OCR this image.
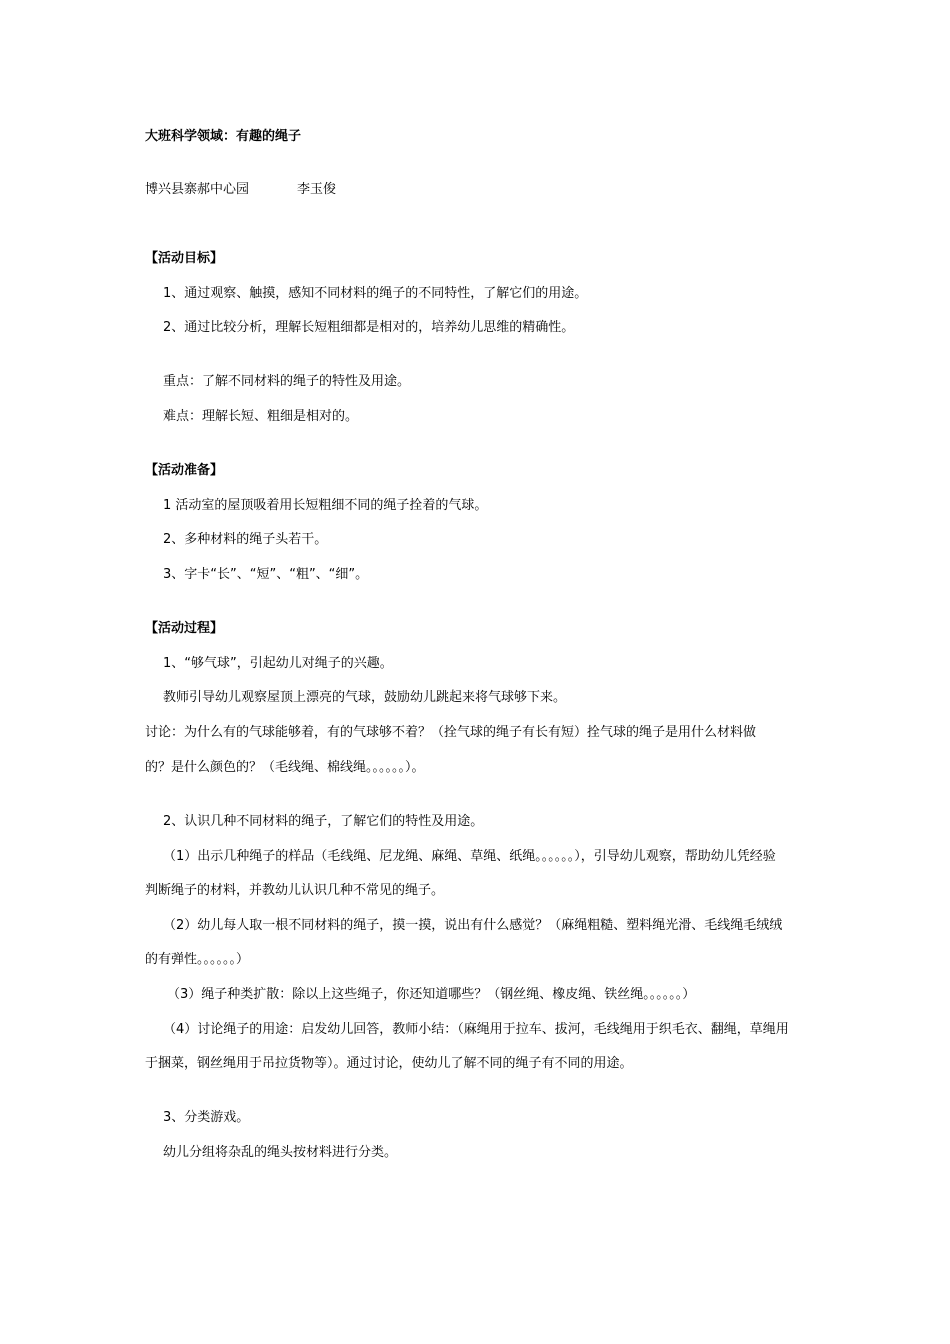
大班科学领域：有趣的绳子
博兴县寨郝中心园	李玉俊
【活动目标】
1、通过观察、触摸，感知不同材料的绳子的不同特性，了解它们的用途。
2、通过比较分析，理解长短粗细都是相对的，培养幼儿思维的精确性。
重点：了解不同材料的绳子的特性及用途。
难点：理解长短、粗细是相对的。
【活动准备】
1 活动室的屋顶吸着用长短粗细不同的绳子拴着的气球。
2、多种材料的绳子头若干。
3、字卡“长”、“短”、“粗”、“细”。
【活动过程】
1、“够气球”，引起幼儿对绳子的兴趣。
教师引导幼儿观察屋顶上漂亮的气球，鼓励幼儿跳起来将气球够下来。
讨论：为什么有的气球能够着，有的气球够不着？（拴气球的绳子有长有短）拴气球的绳子是用什么材料做
的？是什么颜色的？（毛线绳、棉线绳。。。。。。）。
2、认识几种不同材料的绳子，了解它们的特性及用途。
（1）出示几种绳子的样品（毛线绳、尼龙绳、麻绳、草绳、纸绳。。。。。。），引导幼儿观察，帮助幼儿凭经验
判断绳子的材料，并教幼儿认识几种不常见的绳子。
（2）幼儿每人取一根不同材料的绳子，摸一摸，说出有什么感觉？（麻绳粗糙、塑料绳光滑、毛线绳毛绒绒
的有弹性。。。。。。）
（3）绳子种类扩散：除以上这些绳子，你还知道哪些？（钢丝绳、橡皮绳、铁丝绳。。。。。。）
（4）讨论绳子的用途：启发幼儿回答，教师小结：（麻绳用于拉车、拔河，毛线绳用于织毛衣、翻绳，草绳用
于捆菜，钢丝绳用于吊拉货物等）。通过讨论，使幼儿了解不同的绳子有不同的用途。
3、分类游戏。
幼儿分组将杂乱的绳头按材料进行分类。
